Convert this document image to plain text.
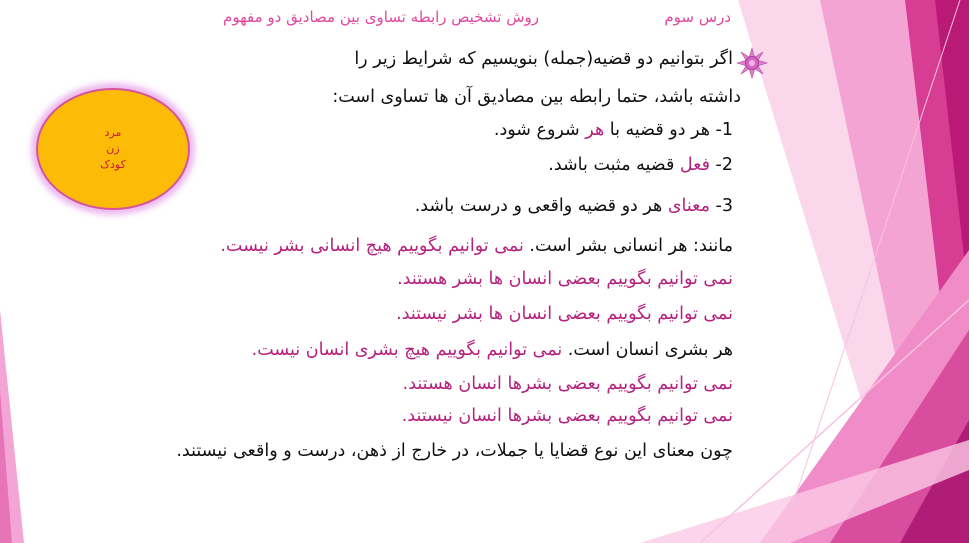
درس سوم
روش تشخیص رابطه تساوی بین مصادیق دو مفهوم
اگر بتوانیم دو قضیه(جمله) بنویسیم که شرایط زیر را
داشته باشد، حتما رابطه بین مصادیق آن ها تساوی است:
1- هر دو قضیه با هر شروع شود.
2- فعل قضیه مثبت باشد.
3- معنای هر دو قضیه واقعی و درست باشد.
مانند: هر انسانی بشر است. نمی توانیم بگوییم هیچ انسانی بشر نیست.
نمی توانیم بگوییم بعضی انسان ها بشر هستند.
نمی توانیم بگوییم بعضی انسان ها بشر نیستند.
هر بشری انسان است. نمی توانیم بگوییم هیچ بشری انسان نیست.
نمی توانیم بگوییم بعضی بشرها انسان هستند.
نمی توانیم بگوییم بعضی بشرها انسان نیستند.
چون معنای این نوع قضایا یا جملات، در خارج از ذهن، درست و واقعی نیستند.
مرد
زن
کودک
